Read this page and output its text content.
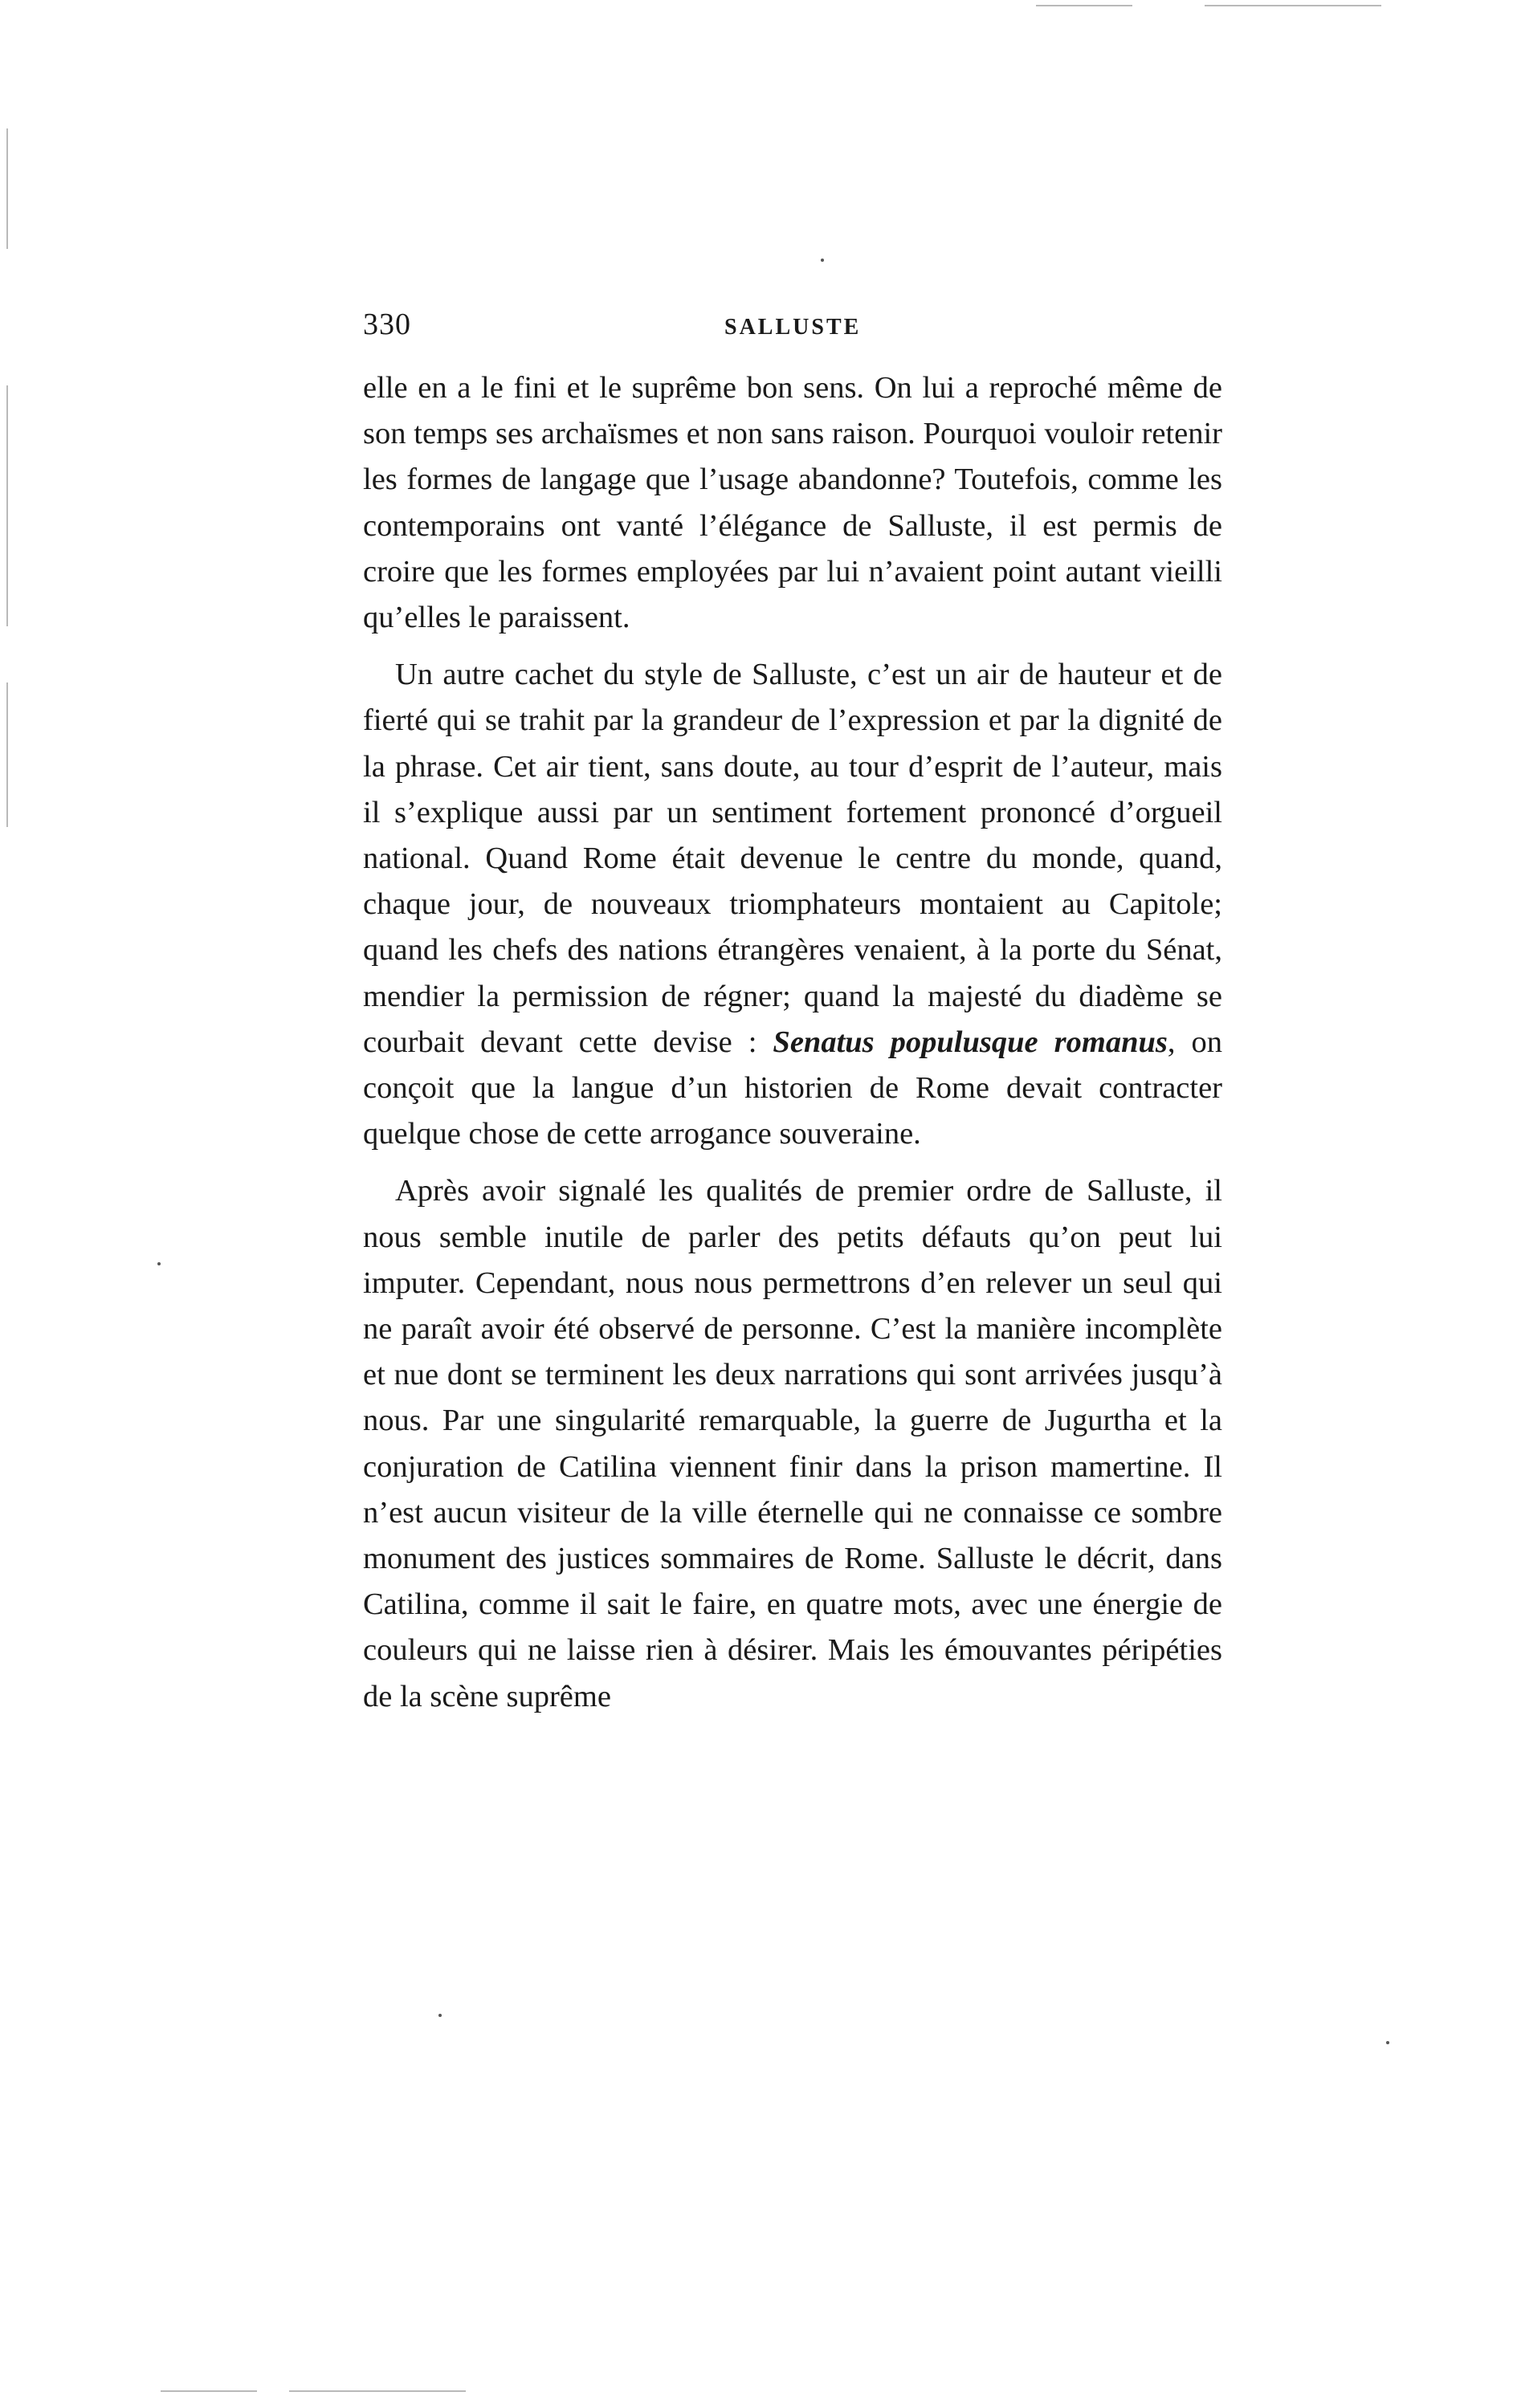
330	SALLUSTE

elle en a le fini et le suprême bon sens. On lui a reproché même de son temps ses archaïsmes et non sans raison. Pourquoi vouloir retenir les formes de langage que l’usage abandonne? Toutefois, comme les contemporains ont vanté l’élégance de Salluste, il est permis de croire que les formes employées par lui n’avaient point autant vieilli qu’elles le paraissent.

Un autre cachet du style de Salluste, c’est un air de hauteur et de fierté qui se trahit par la grandeur de l’expression et par la dignité de la phrase. Cet air tient, sans doute, au tour d’esprit de l’auteur, mais il s’explique aussi par un sentiment fortement prononcé d’orgueil national. Quand Rome était devenue le centre du monde, quand, chaque jour, de nouveaux triomphateurs montaient au Capitole; quand les chefs des nations étrangères venaient, à la porte du Sénat, mendier la permission de régner; quand la majesté du diadème se courbait devant cette devise : Senatus populusque romanus, on conçoit que la langue d’un historien de Rome devait contracter quelque chose de cette arrogance souveraine.

Après avoir signalé les qualités de premier ordre de Salluste, il nous semble inutile de parler des petits défauts qu’on peut lui imputer. Cependant, nous nous permettrons d’en relever un seul qui ne paraît avoir été observé de personne. C’est la manière incomplète et nue dont se terminent les deux narrations qui sont arrivées jusqu’à nous. Par une singularité remarquable, la guerre de Jugurtha et la conjuration de Catilina viennent finir dans la prison mamertine. Il n’est aucun visiteur de la ville éternelle qui ne connaisse ce sombre monument des justices sommaires de Rome. Salluste le décrit, dans Catilina, comme il sait le faire, en quatre mots, avec une énergie de couleurs qui ne laisse rien à désirer. Mais les émouvantes péripéties de la scène suprême
